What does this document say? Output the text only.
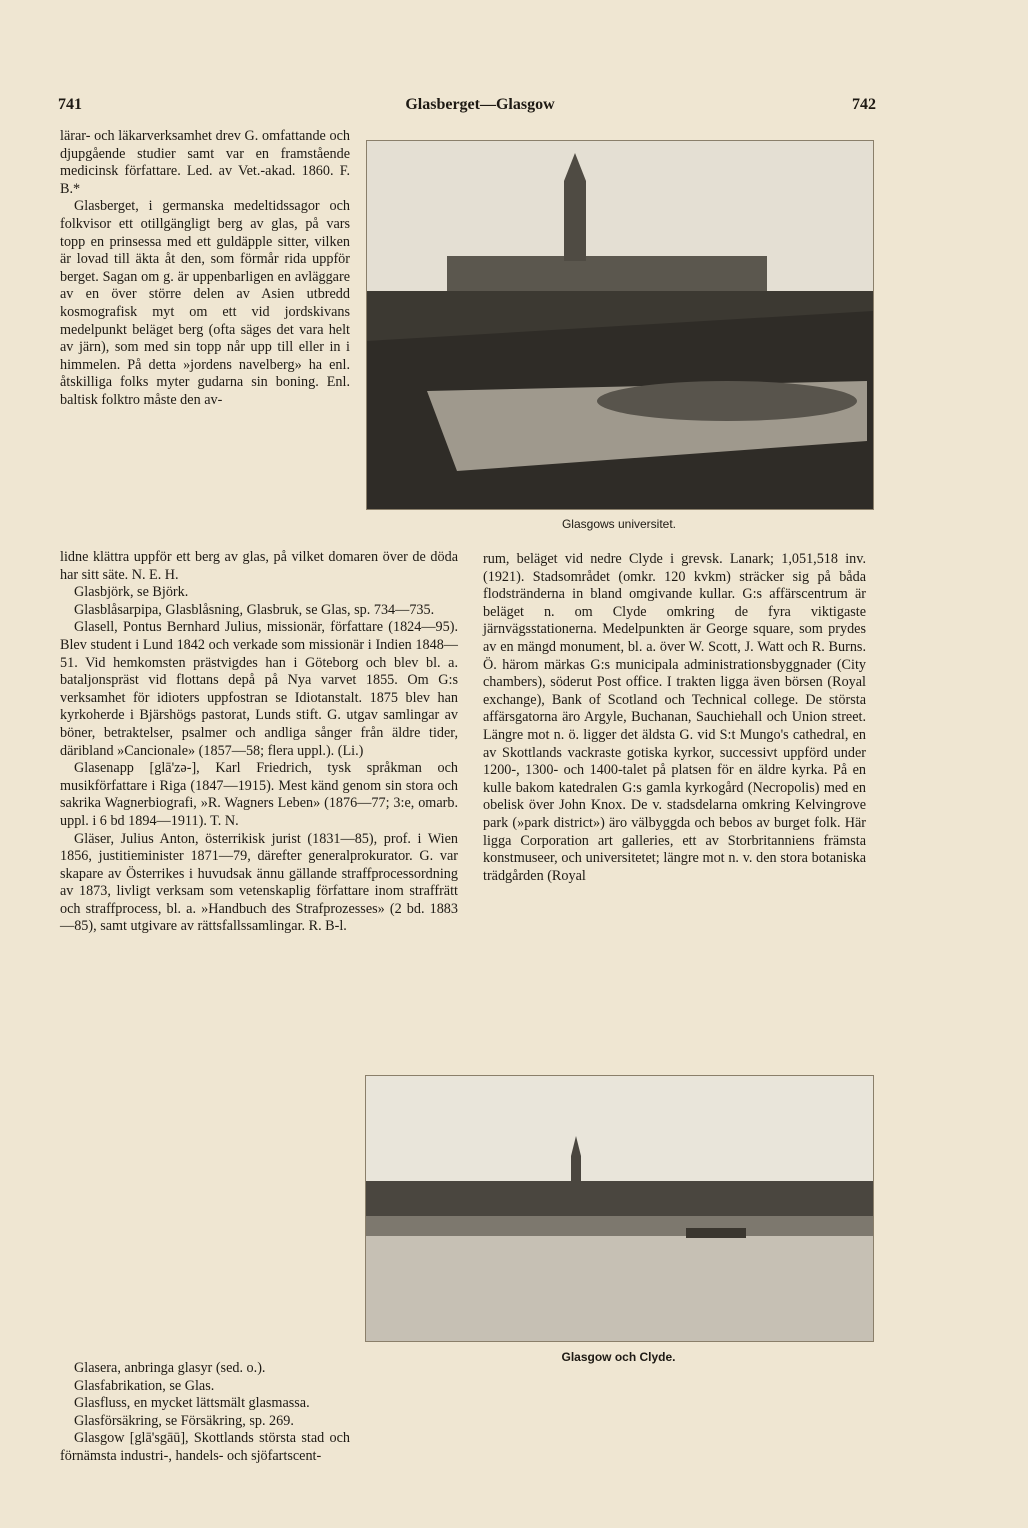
741	Glasberget—Glasgow	742

lärar- och läkarverksamhet drev G. omfattande och djupgående studier samt var en framstående medicinsk författare. Led. av Vet.-akad. 1860. F. B.*

Glasberget, i germanska medeltidssagor och folkvisor ett otillgängligt berg av glas, på vars topp en prinsessa med ett guldäpple sitter, vilken är lovad till äkta åt den, som förmår rida uppför berget. Sagan om g. är uppenbarligen en avläggare av en över större delen av Asien utbredd kosmografisk myt om ett vid jordskivans medelpunkt beläget berg (ofta säges det vara helt av järn), som med sin topp når upp till eller in i himmelen. På detta »jordens navelberg» ha enl. åtskilliga folks myter gudarna sin boning. Enl. baltisk folktro måste den av-

Glasgows universitet.

lidne klättra uppför ett berg av glas, på vilket domaren över de döda har sitt säte. N. E. H.

Glasbjörk, se Björk.

Glasblåsarpipa, Glasblåsning, Glasbruk, se Glas, sp. 734—735.

Glasell, Pontus Bernhard Julius, missionär, författare (1824—95). Blev student i Lund 1842 och verkade som missionär i Indien 1848—51. Vid hemkomsten prästvigdes han i Göteborg och blev bl. a. bataljonspräst vid flottans depå på Nya varvet 1855. Om G:s verksamhet för idioters uppfostran se Idiotanstalt. 1875 blev han kyrkoherde i Bjärshögs pastorat, Lunds stift. G. utgav samlingar av böner, betraktelser, psalmer och andliga sånger från äldre tider, däribland »Cancionale» (1857—58; flera uppl.). (Li.)

Glasenapp [glā'zə-], Karl Friedrich, tysk språkman och musikförfattare i Riga (1847—1915). Mest känd genom sin stora och sakrika Wagnerbiografi, »R. Wagners Leben» (1876—77; 3:e, omarb. uppl. i 6 bd 1894—1911). T. N.

Gläser, Julius Anton, österrikisk jurist (1831—85), prof. i Wien 1856, justitieminister 1871—79, därefter generalprokurator. G. var skapare av Österrikes i huvudsak ännu gällande straffprocessordning av 1873, livligt verksam som vetenskaplig författare inom straffrätt och straffprocess, bl. a. »Handbuch des Strafprozesses» (2 bd. 1883—85), samt utgivare av rättsfallssamlingar. R. B-l.

Glasera, anbringa glasyr (sed. o.).

Glasfabrikation, se Glas.

Glasfluss, en mycket lättsmält glasmassa.

Glasförsäkring, se Försäkring, sp. 269.

Glasgow [glā'sgāū], Skottlands största stad och förnämsta industri-, handels- och sjöfartscent-

rum, beläget vid nedre Clyde i grevsk. Lanark; 1,051,518 inv. (1921). Stadsområdet (omkr. 120 kvkm) sträcker sig på båda flodstränderna in bland omgivande kullar. G:s affärscentrum är beläget n. om Clyde omkring de fyra viktigaste järnvägsstationerna. Medelpunkten är George square, som prydes av en mängd monument, bl. a. över W. Scott, J. Watt och R. Burns. Ö. härom märkas G:s municipala administrationsbyggnader (City chambers), söderut Post office. I trakten ligga även börsen (Royal exchange), Bank of Scotland och Technical college. De största affärsgatorna äro Argyle, Buchanan, Sauchiehall och Union street. Längre mot n. ö. ligger det äldsta G. vid S:t Mungo's cathedral, en av Skottlands vackraste gotiska kyrkor, successivt uppförd under 1200-, 1300- och 1400-talet på platsen för en äldre kyrka. På en kulle bakom katedralen G:s gamla kyrkogård (Necropolis) med en obelisk över John Knox. De v. stadsdelarna omkring Kelvingrove park (»park district») äro välbyggda och bebos av burget folk. Här ligga Corporation art galleries, ett av Storbritanniens främsta konstmuseer, och universitetet; längre mot n. v. den stora botaniska trädgården (Royal

Glasgow och Clyde.
